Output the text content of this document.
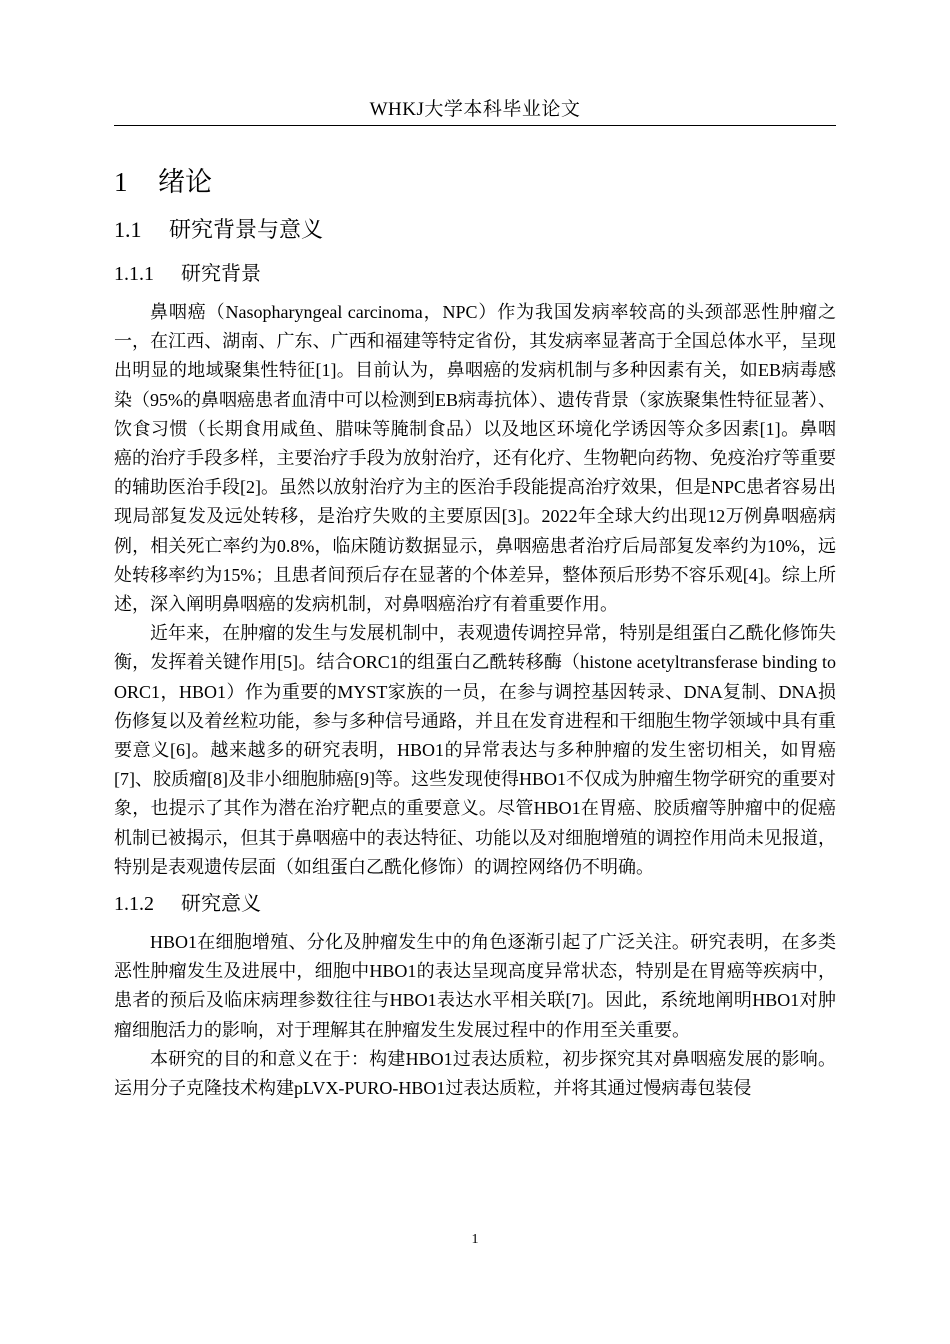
WHKJ大学本科毕业论文
1 绪论
1.1 研究背景与意义
1.1.1 研究背景

鼻咽癌（Nasopharyngeal carcinoma，NPC）作为我国发病率较高的头颈部恶性肿瘤之一，在江西、湖南、广东、广西和福建等特定省份，其发病率显著高于全国总体水平，呈现出明显的地域聚集性特征[1]。目前认为，鼻咽癌的发病机制与多种因素有关，如EB病毒感染（95%的鼻咽癌患者血清中可以检测到EB病毒抗体）、遗传背景（家族聚集性特征显著）、饮食习惯（长期食用咸鱼、腊味等腌制食品）以及地区环境化学诱因等众多因素[1]。鼻咽癌的治疗手段多样，主要治疗手段为放射治疗，还有化疗、生物靶向药物、免疫治疗等重要的辅助医治手段[2]。虽然以放射治疗为主的医治手段能提高治疗效果，但是NPC患者容易出现局部复发及远处转移，是治疗失败的主要原因[3]。2022年全球大约出现12万例鼻咽癌病例，相关死亡率约为0.8%，临床随访数据显示，鼻咽癌患者治疗后局部复发率约为10%，远处转移率约为15%；且患者间预后存在显著的个体差异，整体预后形势不容乐观[4]。综上所述，深入阐明鼻咽癌的发病机制，对鼻咽癌治疗有着重要作用。

近年来，在肿瘤的发生与发展机制中，表观遗传调控异常，特别是组蛋白乙酰化修饰失衡，发挥着关键作用[5]。结合ORC1的组蛋白乙酰转移酶（histone acetyltransferase binding to ORC1，HBO1）作为重要的MYST家族的一员，在参与调控基因转录、DNA复制、DNA损伤修复以及着丝粒功能，参与多种信号通路，并且在发育进程和干细胞生物学领域中具有重要意义[6]。越来越多的研究表明，HBO1的异常表达与多种肿瘤的发生密切相关，如胃癌[7]、胶质瘤[8]及非小细胞肺癌[9]等。这些发现使得HBO1不仅成为肿瘤生物学研究的重要对象，也提示了其作为潜在治疗靶点的重要意义。尽管HBO1在胃癌、胶质瘤等肿瘤中的促癌机制已被揭示，但其于鼻咽癌中的表达特征、功能以及对细胞增殖的调控作用尚未见报道，特别是表观遗传层面（如组蛋白乙酰化修饰）的调控网络仍不明确。

1.1.2 研究意义

HBO1在细胞增殖、分化及肿瘤发生中的角色逐渐引起了广泛关注。研究表明，在多类恶性肿瘤发生及进展中，细胞中HBO1的表达呈现高度异常状态，特别是在胃癌等疾病中，患者的预后及临床病理参数往往与HBO1表达水平相关联[7]。因此，系统地阐明HBO1对肿瘤细胞活力的影响，对于理解其在肿瘤发生发展过程中的作用至关重要。

本研究的目的和意义在于：构建HBO1过表达质粒，初步探究其对鼻咽癌发展的影响。运用分子克隆技术构建pLVX-PURO-HBO1过表达质粒，并将其通过慢病毒包装侵

1
